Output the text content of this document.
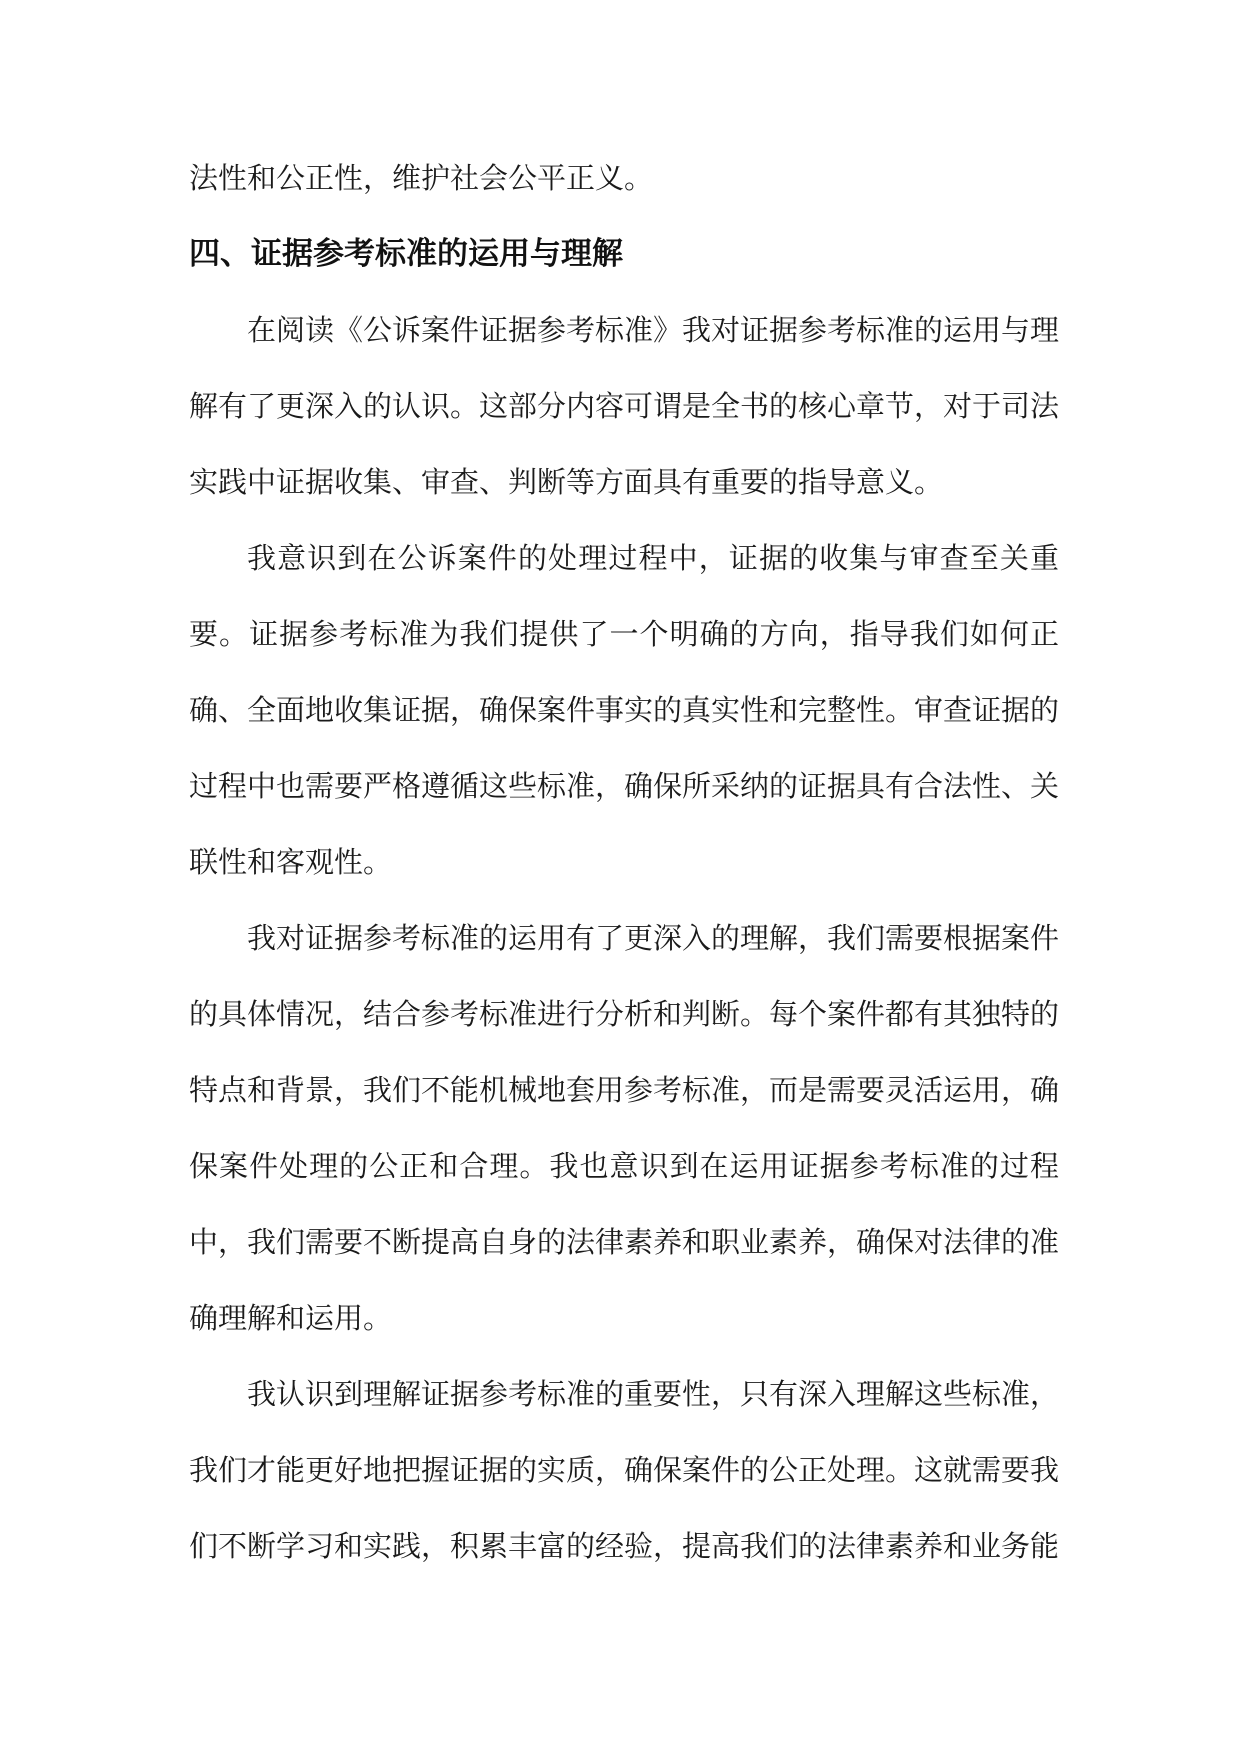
法性和公正性，维护社会公平正义。

四、证据参考标准的运用与理解

在阅读《公诉案件证据参考标准》我对证据参考标准的运用与理解有了更深入的认识。这部分内容可谓是全书的核心章节，对于司法实践中证据收集、审查、判断等方面具有重要的指导意义。

我意识到在公诉案件的处理过程中，证据的收集与审查至关重要。证据参考标准为我们提供了一个明确的方向，指导我们如何正确、全面地收集证据，确保案件事实的真实性和完整性。审查证据的过程中也需要严格遵循这些标准，确保所采纳的证据具有合法性、关联性和客观性。

我对证据参考标准的运用有了更深入的理解，我们需要根据案件的具体情况，结合参考标准进行分析和判断。每个案件都有其独特的特点和背景，我们不能机械地套用参考标准，而是需要灵活运用，确保案件处理的公正和合理。我也意识到在运用证据参考标准的过程中，我们需要不断提高自身的法律素养和职业素养，确保对法律的准确理解和运用。

我认识到理解证据参考标准的重要性，只有深入理解这些标准，我们才能更好地把握证据的实质，确保案件的公正处理。这就需要我们不断学习和实践，积累丰富的经验，提高我们的法律素养和业务能
